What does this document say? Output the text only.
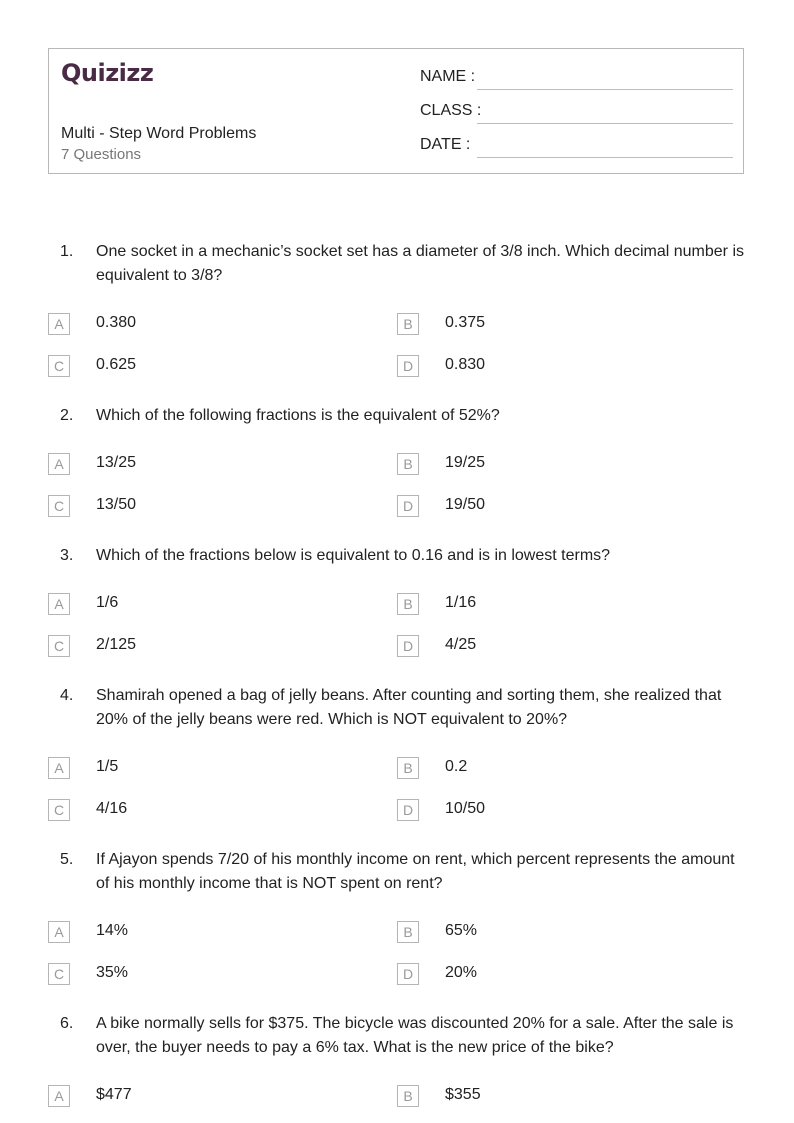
Quizizz
Multi - Step Word Problems
7 Questions
NAME :
CLASS :
DATE :
1. One socket in a mechanic’s socket set has a diameter of 3/8 inch. Which decimal number is equivalent to 3/8?
A	0.380	B	0.375
C	0.625	D	0.830
2. Which of the following fractions is the equivalent of 52%?
A	13/25	B	19/25
C	13/50	D	19/50
3. Which of the fractions below is equivalent to 0.16 and is in lowest terms?
A	1/6	B	1/16
C	2/125	D	4/25
4. Shamirah opened a bag of jelly beans. After counting and sorting them, she realized that 20% of the jelly beans were red. Which is NOT equivalent to 20%?
A	1/5	B	0.2
C	4/16	D	10/50
5. If Ajayon spends 7/20 of his monthly income on rent, which percent represents the amount of his monthly income that is NOT spent on rent?
A	14%	B	65%
C	35%	D	20%
6. A bike normally sells for $375. The bicycle was discounted 20% for a sale. After the sale is over, the buyer needs to pay a 6% tax. What is the new price of the bike?
A	$477	B	$355
